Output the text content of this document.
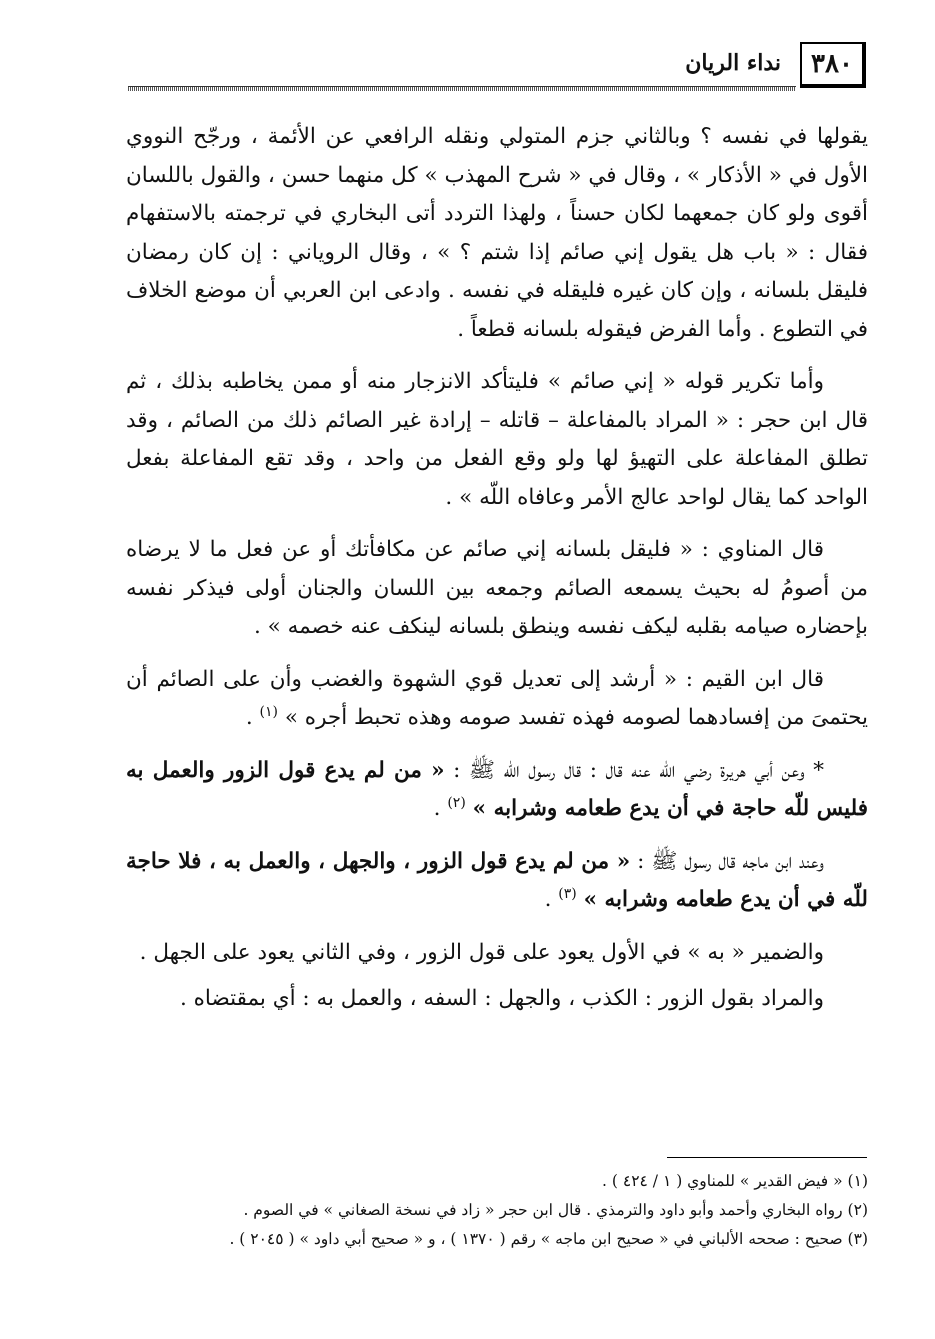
٣٨٠
نداء الريان

يقولها في نفسه ؟ وبالثاني جزم المتولي ونقله الرافعي عن الأئمة ، ورجّح النووي الأول في « الأذكار » ، وقال في « شرح المهذب » كل منهما حسن ، والقول باللسان أقوى ولو كان جمعهما لكان حسناً ، ولهذا التردد أتى البخاري في ترجمته بالاستفهام فقال : « باب هل يقول إني صائم إذا شتم ؟ » ، وقال الروياني : إن كان رمضان فليقل بلسانه ، وإن كان غيره فليقله في نفسه . وادعى ابن العربي أن موضع الخلاف في التطوع . وأما الفرض فيقوله بلسانه قطعاً .

وأما تكرير قوله « إني صائم » فليتأكد الانزجار منه أو ممن يخاطبه بذلك ، ثم قال ابن حجر : « المراد بالمفاعلة – قاتله – إرادة غير الصائم ذلك من الصائم ، وقد تطلق المفاعلة على التهيؤ لها ولو وقع الفعل من واحد ، وقد تقع المفاعلة بفعل الواحد كما يقال لواحد عالج الأمر وعافاه اللّه » .

قال المناوي : « فليقل بلسانه إني صائم عن مكافأتك أو عن فعل ما لا يرضاه من أصومُ له بحيث يسمعه الصائم وجمعه بين اللسان والجنان أولى فيذكر نفسه بإحضاره صيامه بقلبه ليكف نفسه وينطق بلسانه لينكف عنه خصمه » .

قال ابن القيم : « أرشد إلى تعديل قوي الشهوة والغضب وأن على الصائم أن يحتمىَ من إفسادهما لصومه فهذه تفسد صومه وهذه تحبط أجره » $^{(١)}$ .

* وعن أبي هريرة رضي اللّه عنه قال : قال رسول اللّه ﷺ : « من لم يدع قول الزور والعمل به فليس للّه حاجة في أن يدع طعامه وشرابه » $^{(٢)}$ .

وعند ابن ماجه قال رسول ﷺ : « من لم يدع قول الزور ، والجهل ، والعمل به ، فلا حاجة للّه في أن يدع طعامه وشرابه » $^{(٣)}$ .

والضمير « به » في الأول يعود على قول الزور ، وفي الثاني يعود على الجهل .

والمراد بقول الزور : الكذب ، والجهل : السفه ، والعمل به : أي بمقتضاه .

(١) « فيض القدير » للمناوي ( ١ / ٤٢٤ ) .

(٢) رواه البخاري وأحمد وأبو داود والترمذي . قال ابن حجر « زاد في نسخة الصغاني » في الصوم .

(٣) صحيح : صححه الألباني في « صحيح ابن ماجه » رقم ( ١٣٧٠ ) ، و « صحيح أبي داود » ( ٢٠٤٥ ) .
